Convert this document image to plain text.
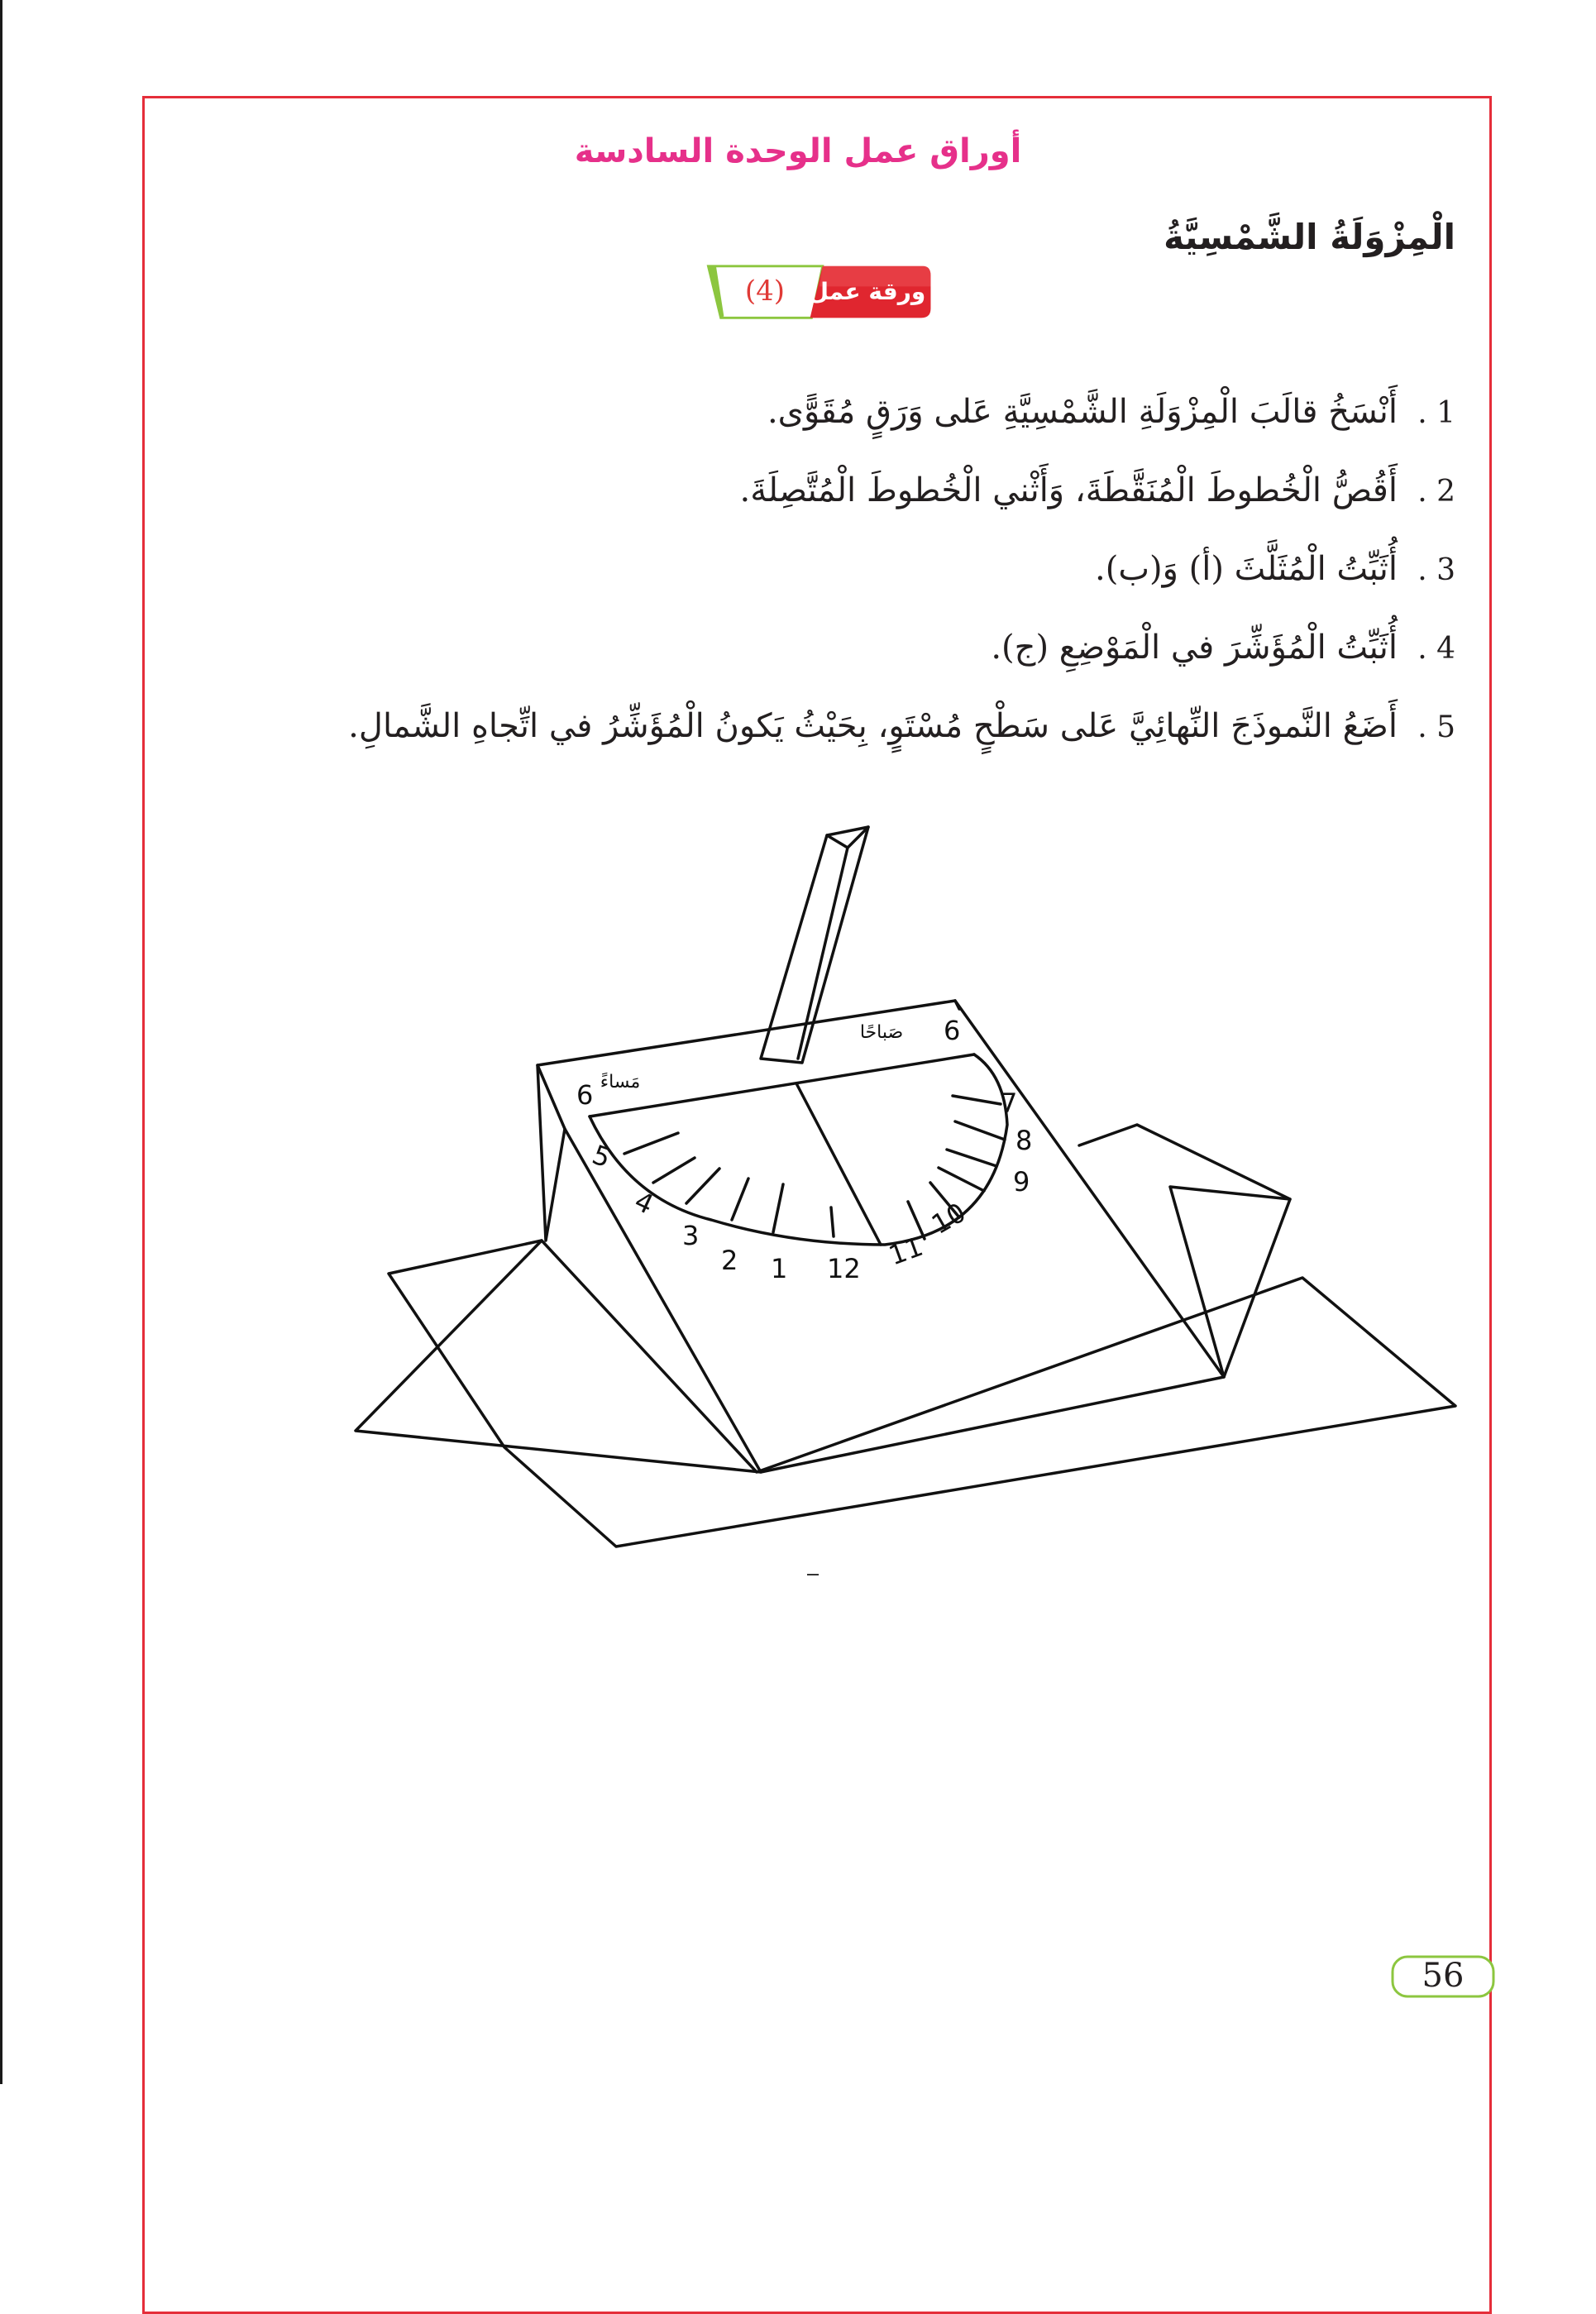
أوراق عمل الوحدة السادسة
الْمِزْوَلَةُ الشَّمْسِيَّةُ
(4)	ورقة عمل
1 .
أَنْسَخُ قالَبَ الْمِزْوَلَةِ الشَّمْسِيَّةِ عَلى وَرَقٍ مُقَوًّى.
2 .
أَقُصُّ الْخُطوطَ الْمُنَقَّطَةَ، وَأَثْني الْخُطوطَ الْمُتَّصِلَةَ.
3 .
أُثَبِّتُ الْمُثَلَّثَ (أ) وَ(ب).
4 .
أُثَبِّتُ الْمُؤَشِّرَ في الْمَوْضِعِ (ج).
5 .
أَضَعُ النَّموذَجَ النِّهائِيَّ عَلى سَطْحٍ مُسْتَوٍ، بِحَيْثُ يَكونُ الْمُؤَشِّرُ في اتِّجاهِ الشَّمالِ.
6
5
4
3
2 1 12 11
10
9
8
7
6
صَباحًا
مَساءً
56
